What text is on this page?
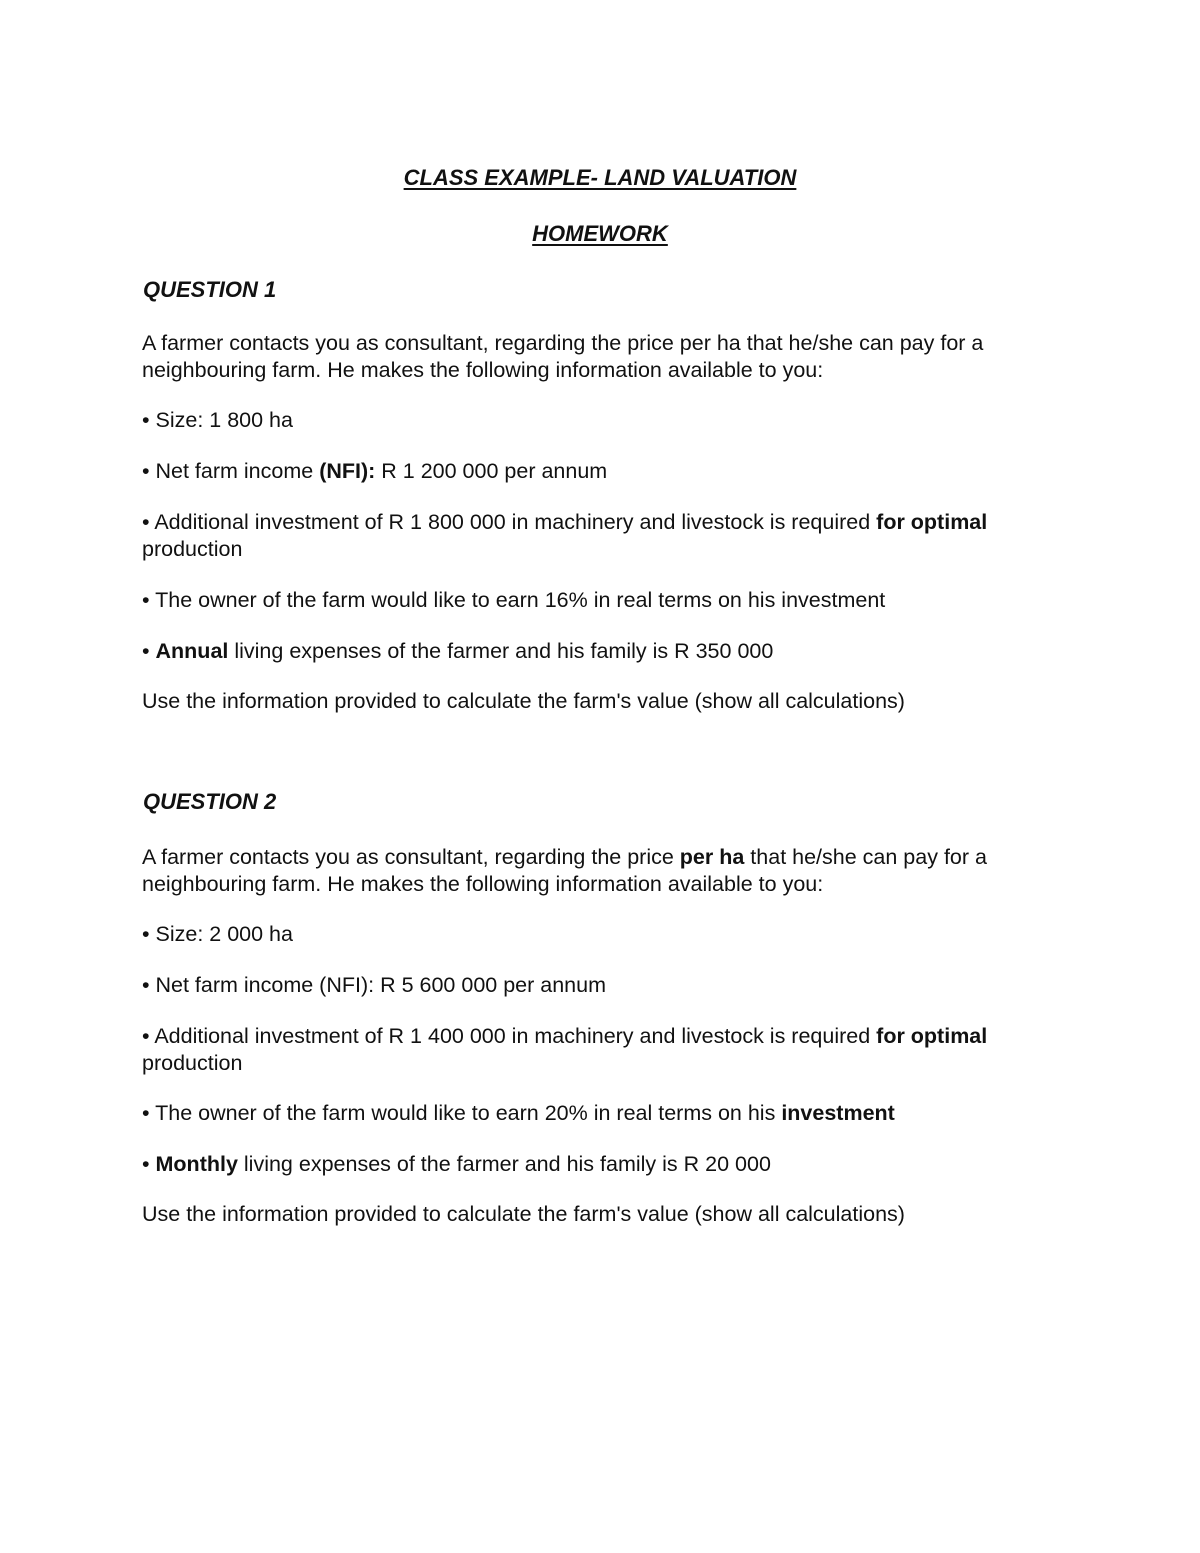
CLASS EXAMPLE- LAND VALUATION
HOMEWORK
QUESTION 1

A farmer contacts you as consultant, regarding the price per ha that he/she can pay for a neighbouring farm. He makes the following information available to you:

• Size: 1 800 ha

• Net farm income (NFI): R 1 200 000 per annum

• Additional investment of R 1 800 000 in machinery and livestock is required for optimal production

• The owner of the farm would like to earn 16% in real terms on his investment

• Annual living expenses of the farmer and his family is R 350 000

Use the information provided to calculate the farm's value (show all calculations)

QUESTION 2

A farmer contacts you as consultant, regarding the price per ha that he/she can pay for a neighbouring farm. He makes the following information available to you:

• Size: 2 000 ha

• Net farm income (NFI): R 5 600 000 per annum

• Additional investment of R 1 400 000 in machinery and livestock is required for optimal production

• The owner of the farm would like to earn 20% in real terms on his investment

• Monthly living expenses of the farmer and his family is R 20 000

Use the information provided to calculate the farm's value (show all calculations)
